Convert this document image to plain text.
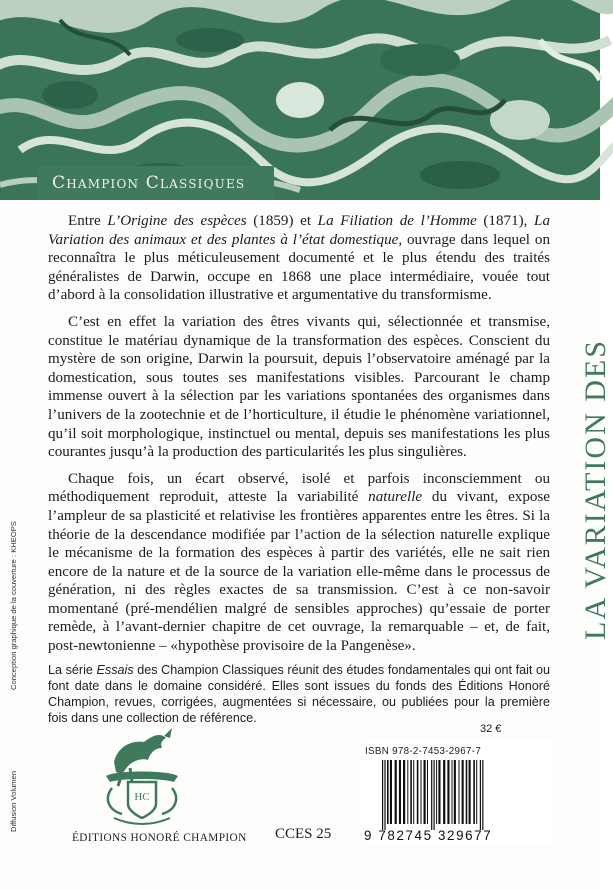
Champion Classiques

Entre L’Origine des espèces (1859) et La Filiation de l’Homme (1871), La Variation des animaux et des plantes à l’état domestique, ouvrage dans lequel on reconnaîtra le plus méticuleusement documenté et le plus étendu des traités généralistes de Darwin, occupe en 1868 une place intermédiaire, vouée tout d’abord à la consolidation illustrative et argumentative du transformisme.

C’est en effet la variation des êtres vivants qui, sélectionnée et transmise, constitue le matériau dynamique de la transformation des espèces. Conscient du mystère de son origine, Darwin la poursuit, depuis l’observatoire aménagé par la domestication, sous toutes ses manifestations visibles. Parcourant le champ immense ouvert à la sélection par les variations spontanées des organismes dans l’univers de la zootechnie et de l’horticulture, il étudie le phénomène variationnel, qu’il soit morphologique, instinctuel ou mental, depuis ses manifestations les plus courantes jusqu’à la production des particularités les plus singulières.

Chaque fois, un écart observé, isolé et parfois inconsciemment ou méthodiquement reproduit, atteste la variabilité naturelle du vivant, expose l’ampleur de sa plasticité et relativise les frontières apparentes entre les êtres. Si la théorie de la descendance modifiée par l’action de la sélection naturelle explique le mécanisme de la formation des espèces à partir des variétés, elle ne sait rien encore de la nature et de la source de la variation elle-même dans le processus de génération, ni des règles exactes de sa transmission. C’est à ce non-savoir momentané (pré-mendélien malgré de sensibles approches) qu’essaie de porter remède, à l’avant-dernier chapitre de cet ouvrage, la remarquable – et, de fait, post-newtonienne – «hypothèse provisoire de la Pangenèse».

La série Essais des Champion Classiques réunit des études fondamentales qui ont fait ou font date dans le domaine considéré. Elles sont issues du fonds des Éditions Honoré Champion, revues, corrigées, augmentées si nécessaire, ou publiées pour la première fois dans une collection de référence.

LA VARIATION DES
Conception graphique de la couverture : KHEOPS
Diffusion Volumen	HC
ÉDITIONS HONORÉ CHAMPION CCES 25
32 €
ISBN 978-2-7453-2967-7
9 782745 329677
